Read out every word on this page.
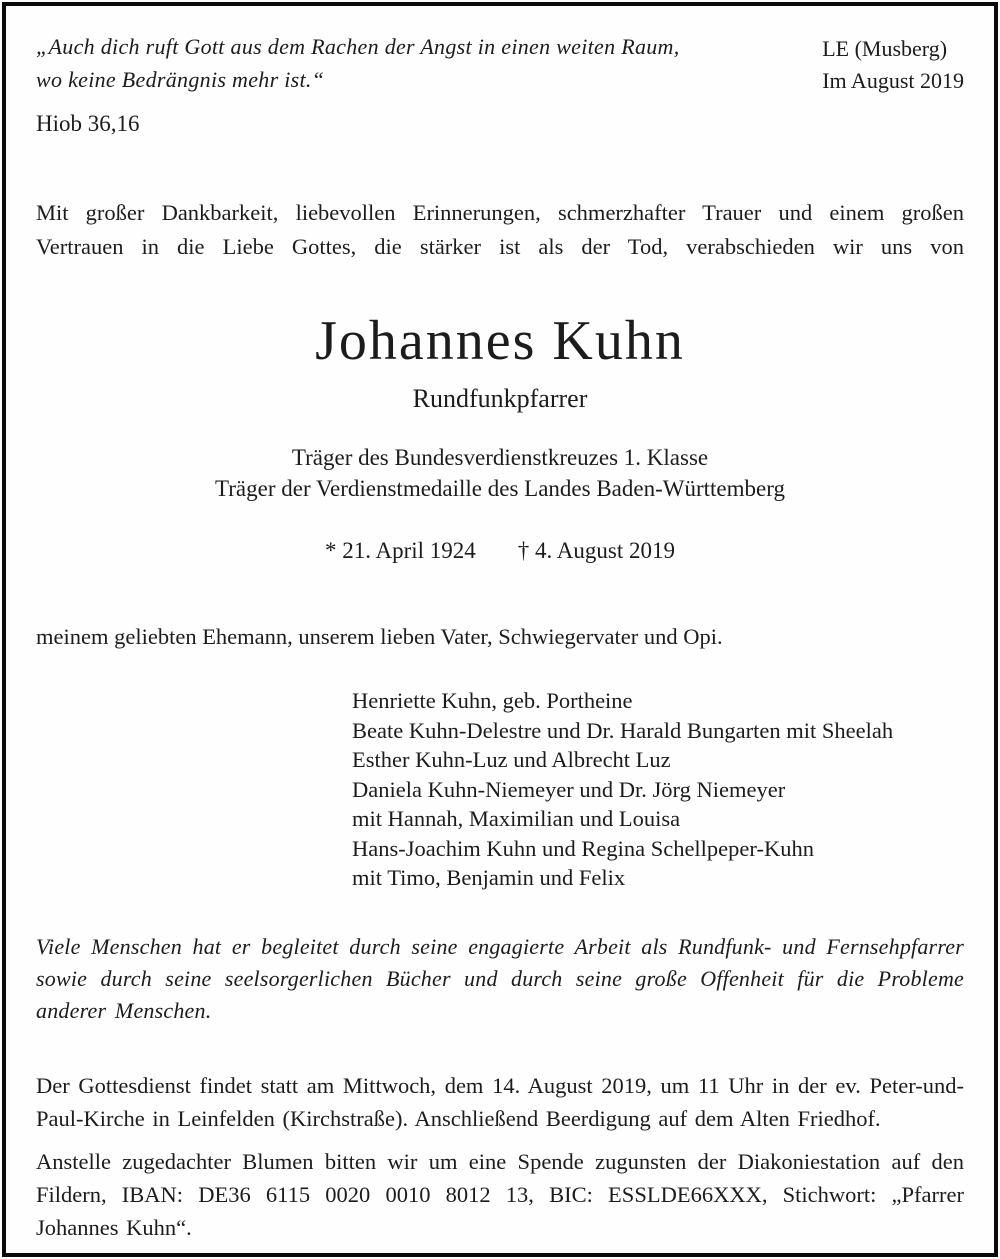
„Auch dich ruft Gott aus dem Rachen der Angst in einen weiten Raum,
wo keine Bedrängnis mehr ist.“
LE (Musberg)
Im August 2019
Hiob 36,16
Mit großer Dankbarkeit, liebevollen Erinnerungen, schmerzhafter Trauer und einem großen Vertrauen in die Liebe Gottes, die stärker ist als der Tod, verabschieden wir uns von
Johannes Kuhn
Rundfunkpfarrer
Träger des Bundesverdienstkreuzes 1. Klasse
Träger der Verdienstmedaille des Landes Baden-Württemberg
* 21. April 1924 † 4. August 2019
meinem geliebten Ehemann, unserem lieben Vater, Schwiegervater und Opi.
Henriette Kuhn, geb. Portheine
Beate Kuhn-Delestre und Dr. Harald Bungarten mit Sheelah
Esther Kuhn-Luz und Albrecht Luz
Daniela Kuhn-Niemeyer und Dr. Jörg Niemeyer
mit Hannah, Maximilian und Louisa
Hans-Joachim Kuhn und Regina Schellpeper-Kuhn
mit Timo, Benjamin und Felix
Viele Menschen hat er begleitet durch seine engagierte Arbeit als Rundfunk- und Fernsehpfarrer sowie durch seine seelsorgerlichen Bücher und durch seine große Offenheit für die Probleme anderer Menschen.
Der Gottesdienst findet statt am Mittwoch, dem 14. August 2019, um 11 Uhr in der ev. Peter-und-Paul-Kirche in Leinfelden (Kirchstraße). Anschließend Beerdigung auf dem Alten Friedhof.
Anstelle zugedachter Blumen bitten wir um eine Spende zugunsten der Diakoniestation auf den Fildern, IBAN: DE36 6115 0020 0010 8012 13, BIC: ESSLDE66XXX, Stichwort: „Pfarrer Johannes Kuhn“.
